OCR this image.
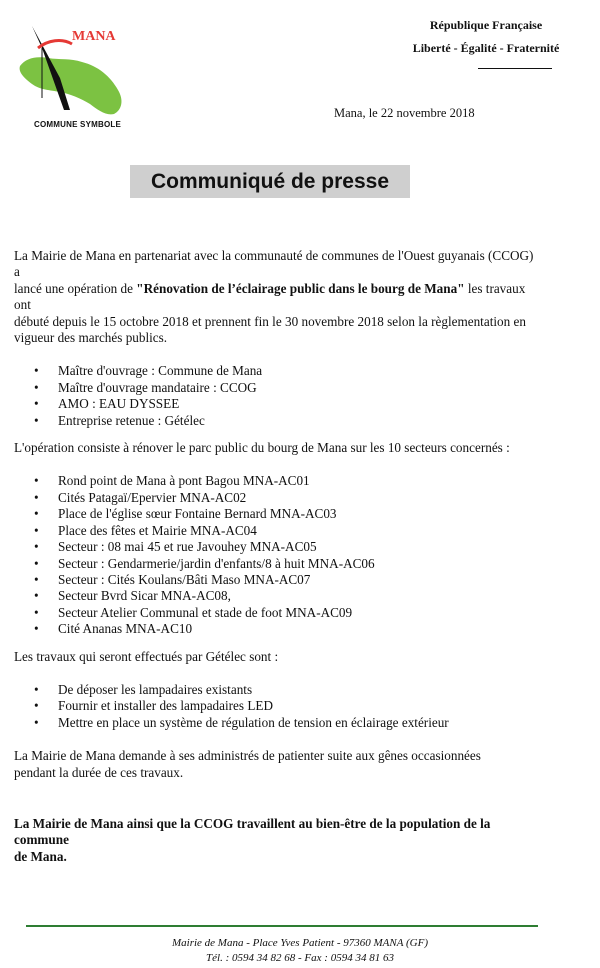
MANA
COMMUNE SYMBOLE
République Française
Liberté - Égalité - Fraternité
Mana, le 22 novembre 2018
Communiqué de presse

La Mairie de Mana en partenariat avec la communauté de communes de l'Ouest guyanais (CCOG) a
lancé une opération de "Rénovation de l’éclairage public dans le bourg de Mana" les travaux ont
débuté depuis le 15 octobre 2018 et prennent fin le 30 novembre 2018 selon la règlementation en
vigueur des marchés publics.

• Maître d'ouvrage : Commune de Mana
• Maître d'ouvrage mandataire : CCOG
• AMO : EAU DYSSEE
• Entreprise retenue : Gétélec

L'opération consiste à rénover le parc public du bourg de Mana sur les 10 secteurs concernés :

• Rond point de Mana à pont Bagou MNA-AC01
• Cités Patagaï/Epervier MNA-AC02
• Place de l'église sœur Fontaine Bernard MNA-AC03
• Place des fêtes et Mairie MNA-AC04
• Secteur : 08 mai 45 et rue Javouhey MNA-AC05
• Secteur : Gendarmerie/jardin d'enfants/8 à huit MNA-AC06
• Secteur : Cités Koulans/Bâti Maso MNA-AC07
• Secteur Bvrd Sicar MNA-AC08,
• Secteur Atelier Communal et stade de foot MNA-AC09
• Cité Ananas MNA-AC10

Les travaux qui seront effectués par Gétélec sont :

• De déposer les lampadaires existants
• Fournir et installer des lampadaires LED
• Mettre en place un système de régulation de tension en éclairage extérieur

La Mairie de Mana demande à ses administrés de patienter suite aux gênes occasionnées
pendant la durée de ces travaux.

La Mairie de Mana ainsi que la CCOG travaillent au bien-être de la population de la commune
de Mana.

Mairie de Mana - Place Yves Patient - 97360 MANA (GF)
Tél. : 0594 34 82 68 - Fax : 0594 34 81 63
